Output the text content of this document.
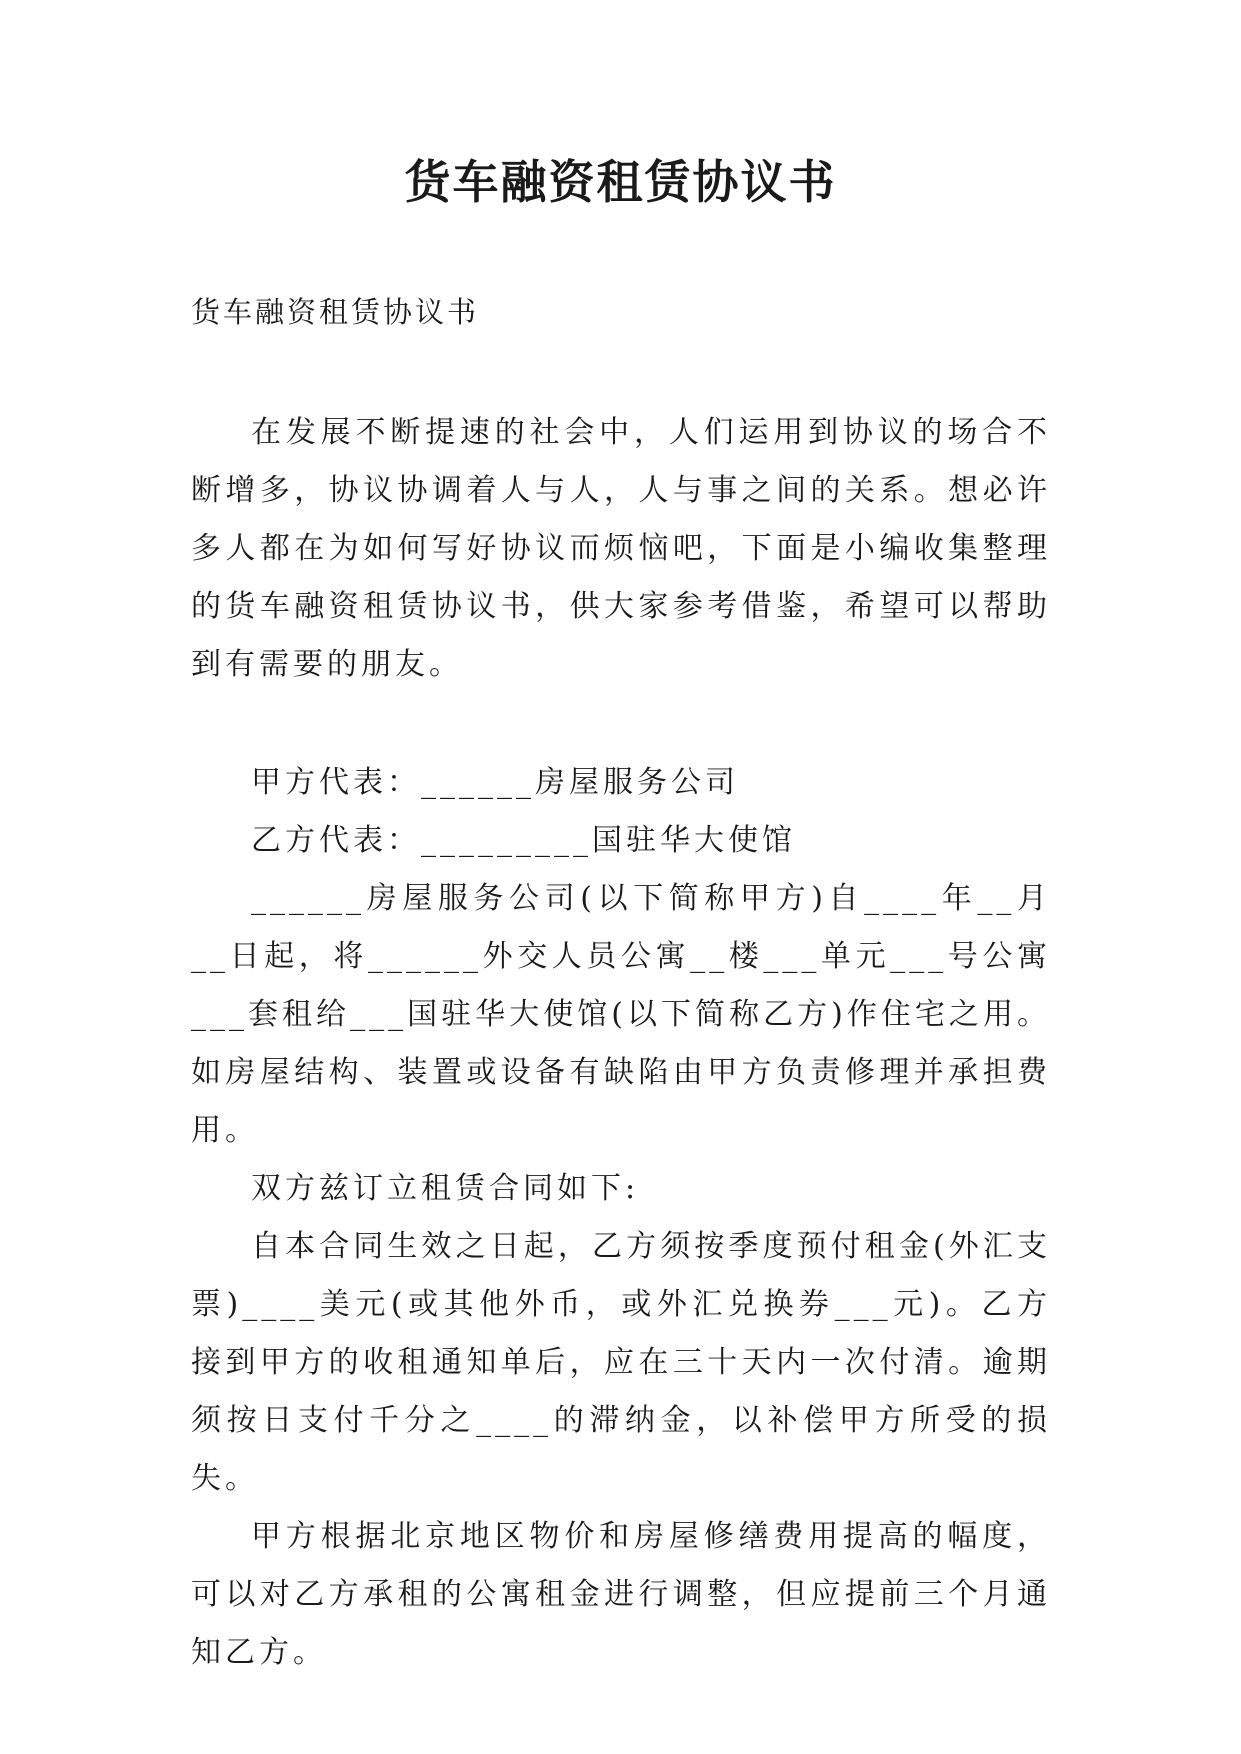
货车融资租赁协议书

货车融资租赁协议书

在发展不断提速的社会中，人们运用到协议的场合不断增多，协议协调着人与人，人与事之间的关系。想必许多人都在为如何写好协议而烦恼吧，下面是小编收集整理的货车融资租赁协议书，供大家参考借鉴，希望可以帮助到有需要的朋友。

甲方代表：______房屋服务公司

乙方代表：_________国驻华大使馆

______房屋服务公司(以下简称甲方)自____年__月__日起，将______外交人员公寓__楼___单元___号公寓___套租给___国驻华大使馆(以下简称乙方)作住宅之用。如房屋结构、装置或设备有缺陷由甲方负责修理并承担费用。

双方兹订立租赁合同如下:

自本合同生效之日起，乙方须按季度预付租金(外汇支票)____美元(或其他外币，或外汇兑换券___元)。乙方接到甲方的收租通知单后，应在三十天内一次付清。逾期须按日支付千分之____的滞纳金，以补偿甲方所受的损失。

甲方根据北京地区物价和房屋修缮费用提高的幅度，可以对乙方承租的公寓租金进行调整，但应提前三个月通知乙方。
